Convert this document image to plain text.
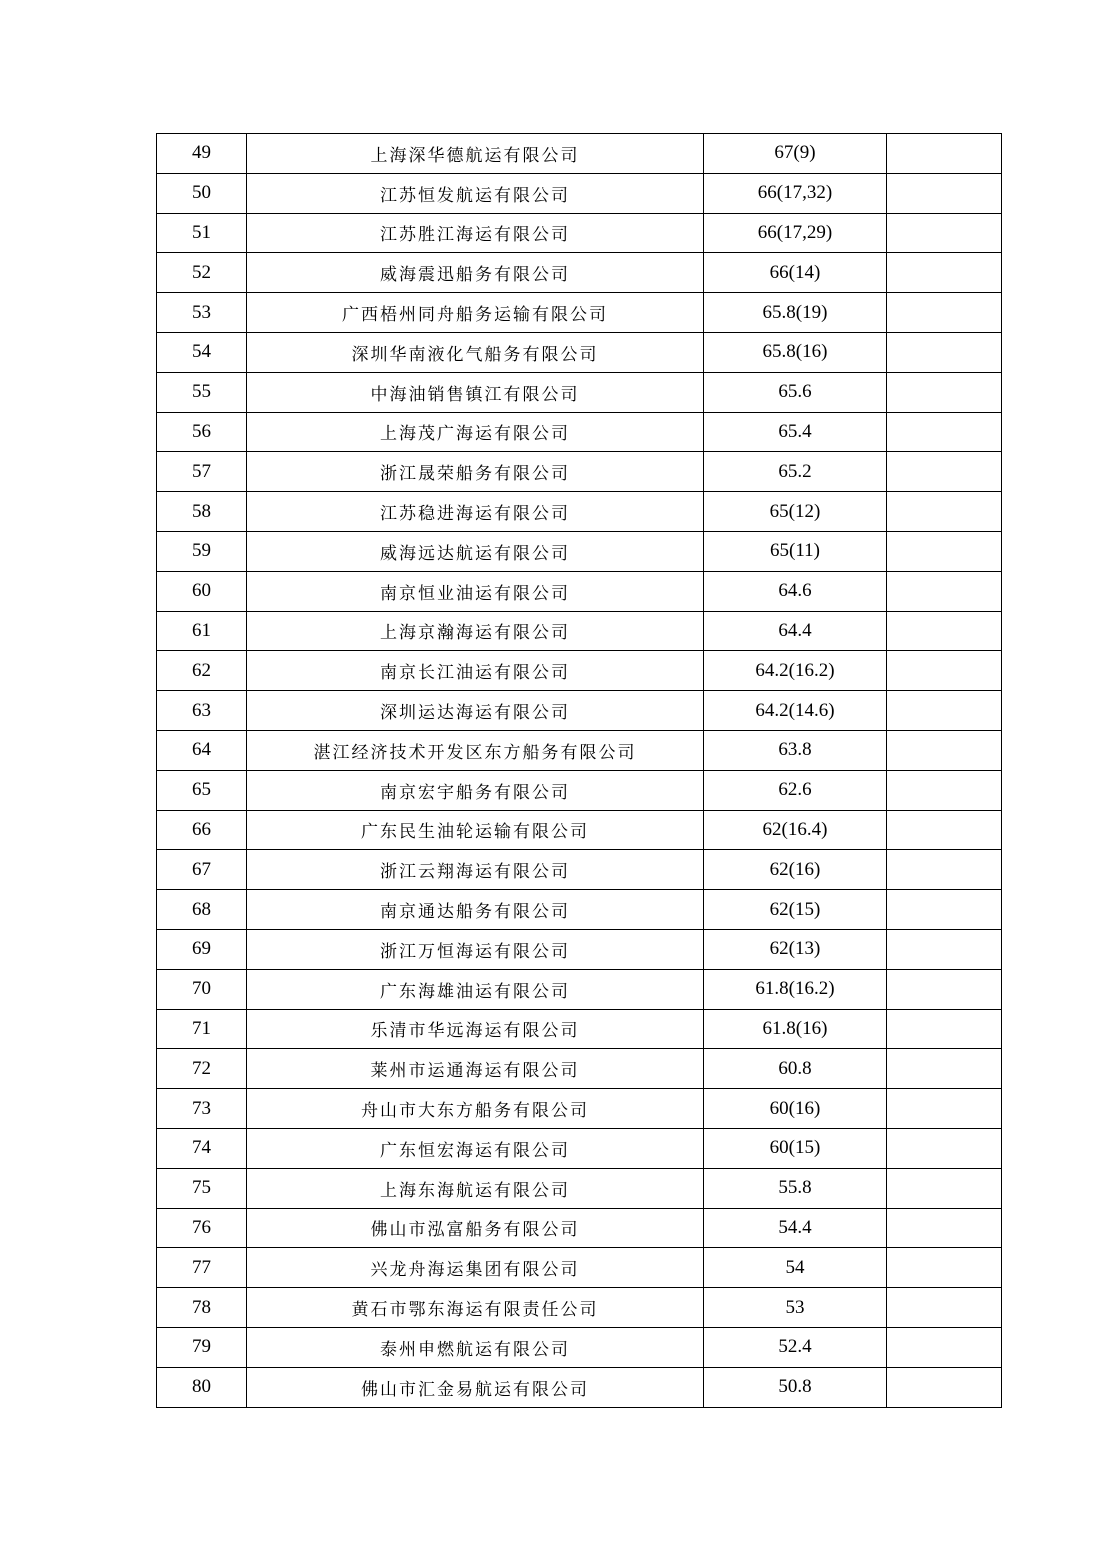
49	上海深华德航运有限公司	67(9)	
50	江苏恒发航运有限公司	66(17,32)	
51	江苏胜江海运有限公司	66(17,29)	
52	威海震迅船务有限公司	66(14)	
53	广西梧州同舟船务运输有限公司	65.8(19)	
54	深圳华南液化气船务有限公司	65.8(16)	
55	中海油销售镇江有限公司	65.6	
56	上海茂广海运有限公司	65.4	
57	浙江晟荣船务有限公司	65.2	
58	江苏稳进海运有限公司	65(12)	
59	威海远达航运有限公司	65(11)	
60	南京恒业油运有限公司	64.6	
61	上海京瀚海运有限公司	64.4	
62	南京长江油运有限公司	64.2(16.2)	
63	深圳运达海运有限公司	64.2(14.6)	
64	湛江经济技术开发区东方船务有限公司	63.8	
65	南京宏宇船务有限公司	62.6	
66	广东民生油轮运输有限公司	62(16.4)	
67	浙江云翔海运有限公司	62(16)	
68	南京通达船务有限公司	62(15)	
69	浙江万恒海运有限公司	62(13)	
70	广东海雄油运有限公司	61.8(16.2)	
71	乐清市华远海运有限公司	61.8(16)	
72	莱州市运通海运有限公司	60.8	
73	舟山市大东方船务有限公司	60(16)	
74	广东恒宏海运有限公司	60(15)	
75	上海东海航运有限公司	55.8	
76	佛山市泓富船务有限公司	54.4	
77	兴龙舟海运集团有限公司	54	
78	黄石市鄂东海运有限责任公司	53	
79	泰州申燃航运有限公司	52.4	
80	佛山市汇金易航运有限公司	50.8	
